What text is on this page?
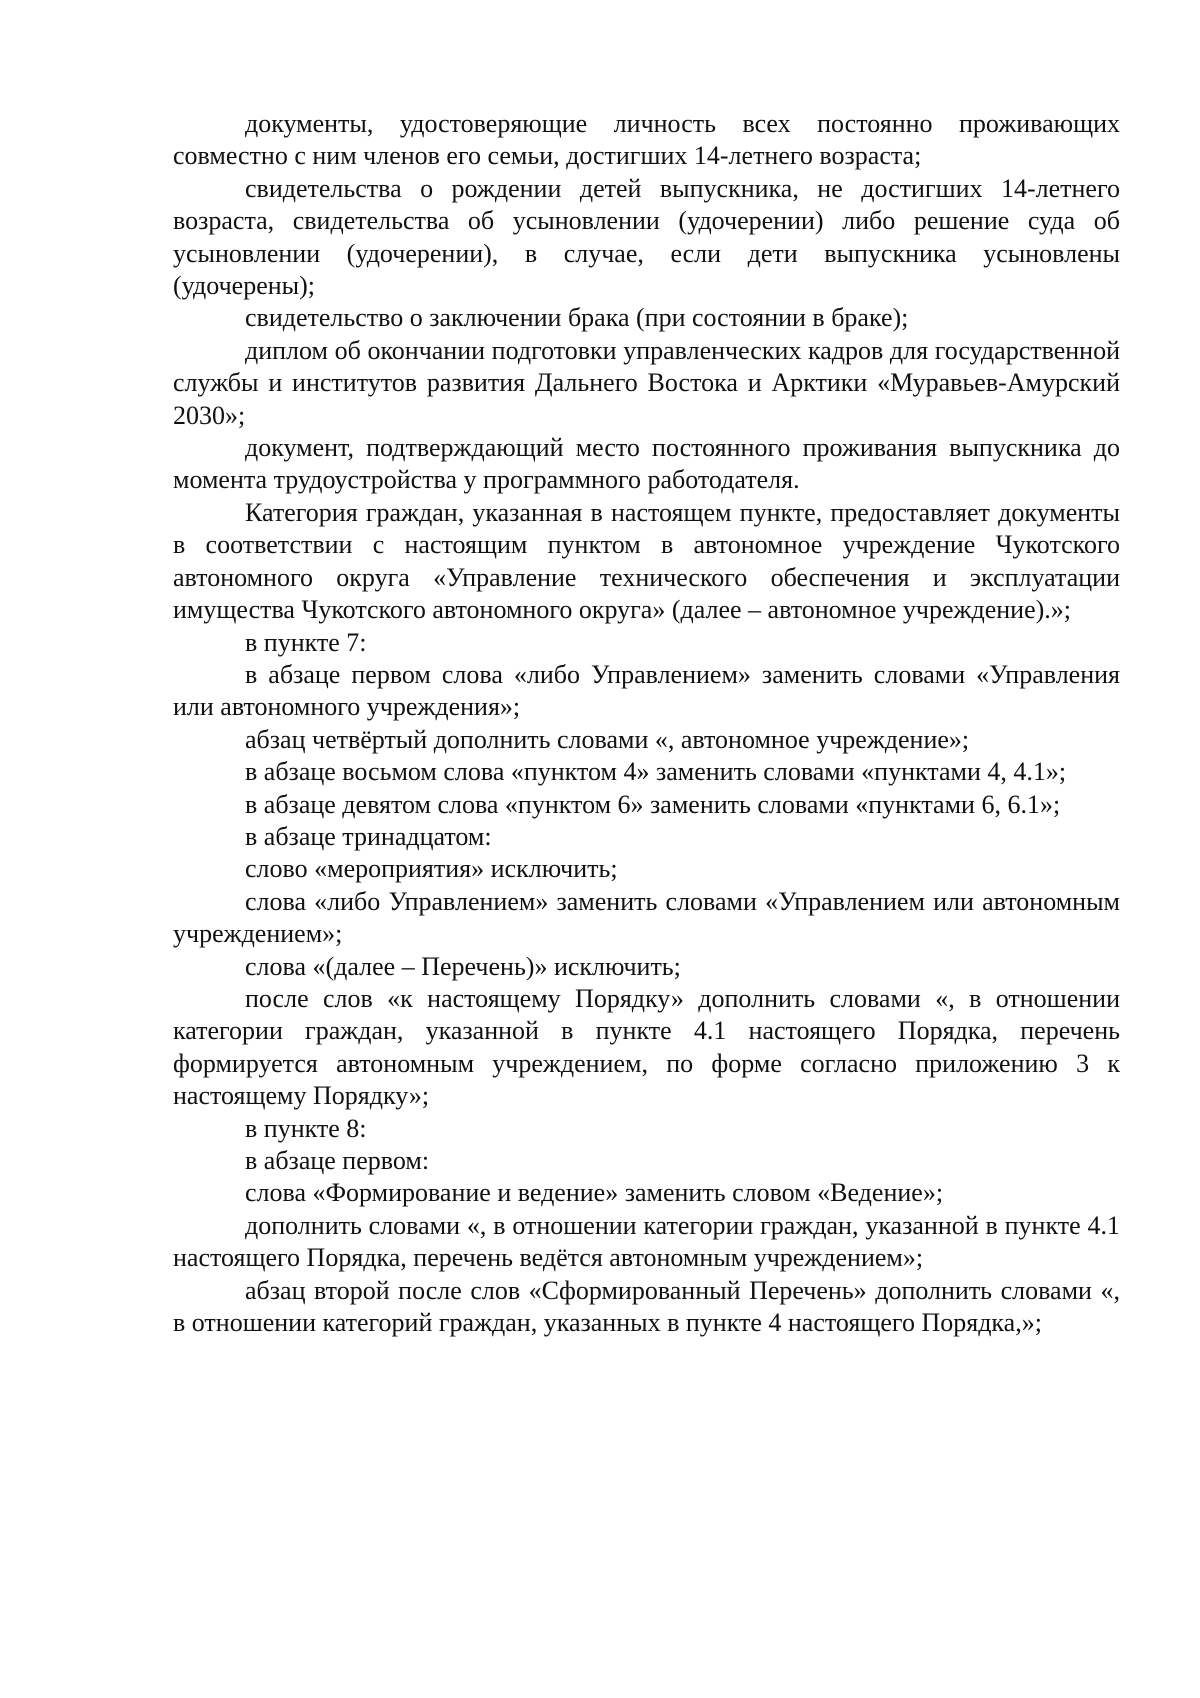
документы, удостоверяющие личность всех постоянно проживающих совместно с ним членов его семьи, достигших 14-летнего возраста;

свидетельства о рождении детей выпускника, не достигших 14-летнего возраста, свидетельства об усыновлении (удочерении) либо решение суда об усыновлении (удочерении), в случае, если дети выпускника усыновлены (удочерены);

свидетельство о заключении брака (при состоянии в браке);

диплом об окончании подготовки управленческих кадров для государственной службы и институтов развития Дальнего Востока и Арктики «Муравьев-Амурский 2030»;

документ, подтверждающий место постоянного проживания выпускника до момента трудоустройства у программного работодателя.

Категория граждан, указанная в настоящем пункте, предоставляет документы в соответствии с настоящим пунктом в автономное учреждение Чукотского автономного округа «Управление технического обеспечения и эксплуатации имущества Чукотского автономного округа» (далее – автономное учреждение).»;

в пункте 7:

в абзаце первом слова «либо Управлением» заменить словами «Управления или автономного учреждения»;

абзац четвёртый дополнить словами «, автономное учреждение»;

в абзаце восьмом слова «пунктом 4» заменить словами «пунктами 4, 4.1»;

в абзаце девятом слова «пунктом 6» заменить словами «пунктами 6, 6.1»;

в абзаце тринадцатом:

слово «мероприятия» исключить;

слова «либо Управлением» заменить словами «Управлением или автономным учреждением»;

слова «(далее – Перечень)» исключить;

после слов «к настоящему Порядку» дополнить словами «, в отношении категории граждан, указанной в пункте 4.1 настоящего Порядка, перечень формируется автономным учреждением, по форме согласно приложению 3 к настоящему Порядку»;

в пункте 8:

в абзаце первом:

слова «Формирование и ведение» заменить словом «Ведение»;

дополнить словами «, в отношении категории граждан, указанной в пункте 4.1 настоящего Порядка, перечень ведётся автономным учреждением»;

абзац второй после слов «Сформированный Перечень» дополнить словами «, в отношении категорий граждан, указанных в пункте 4 настоящего Порядка,»;
